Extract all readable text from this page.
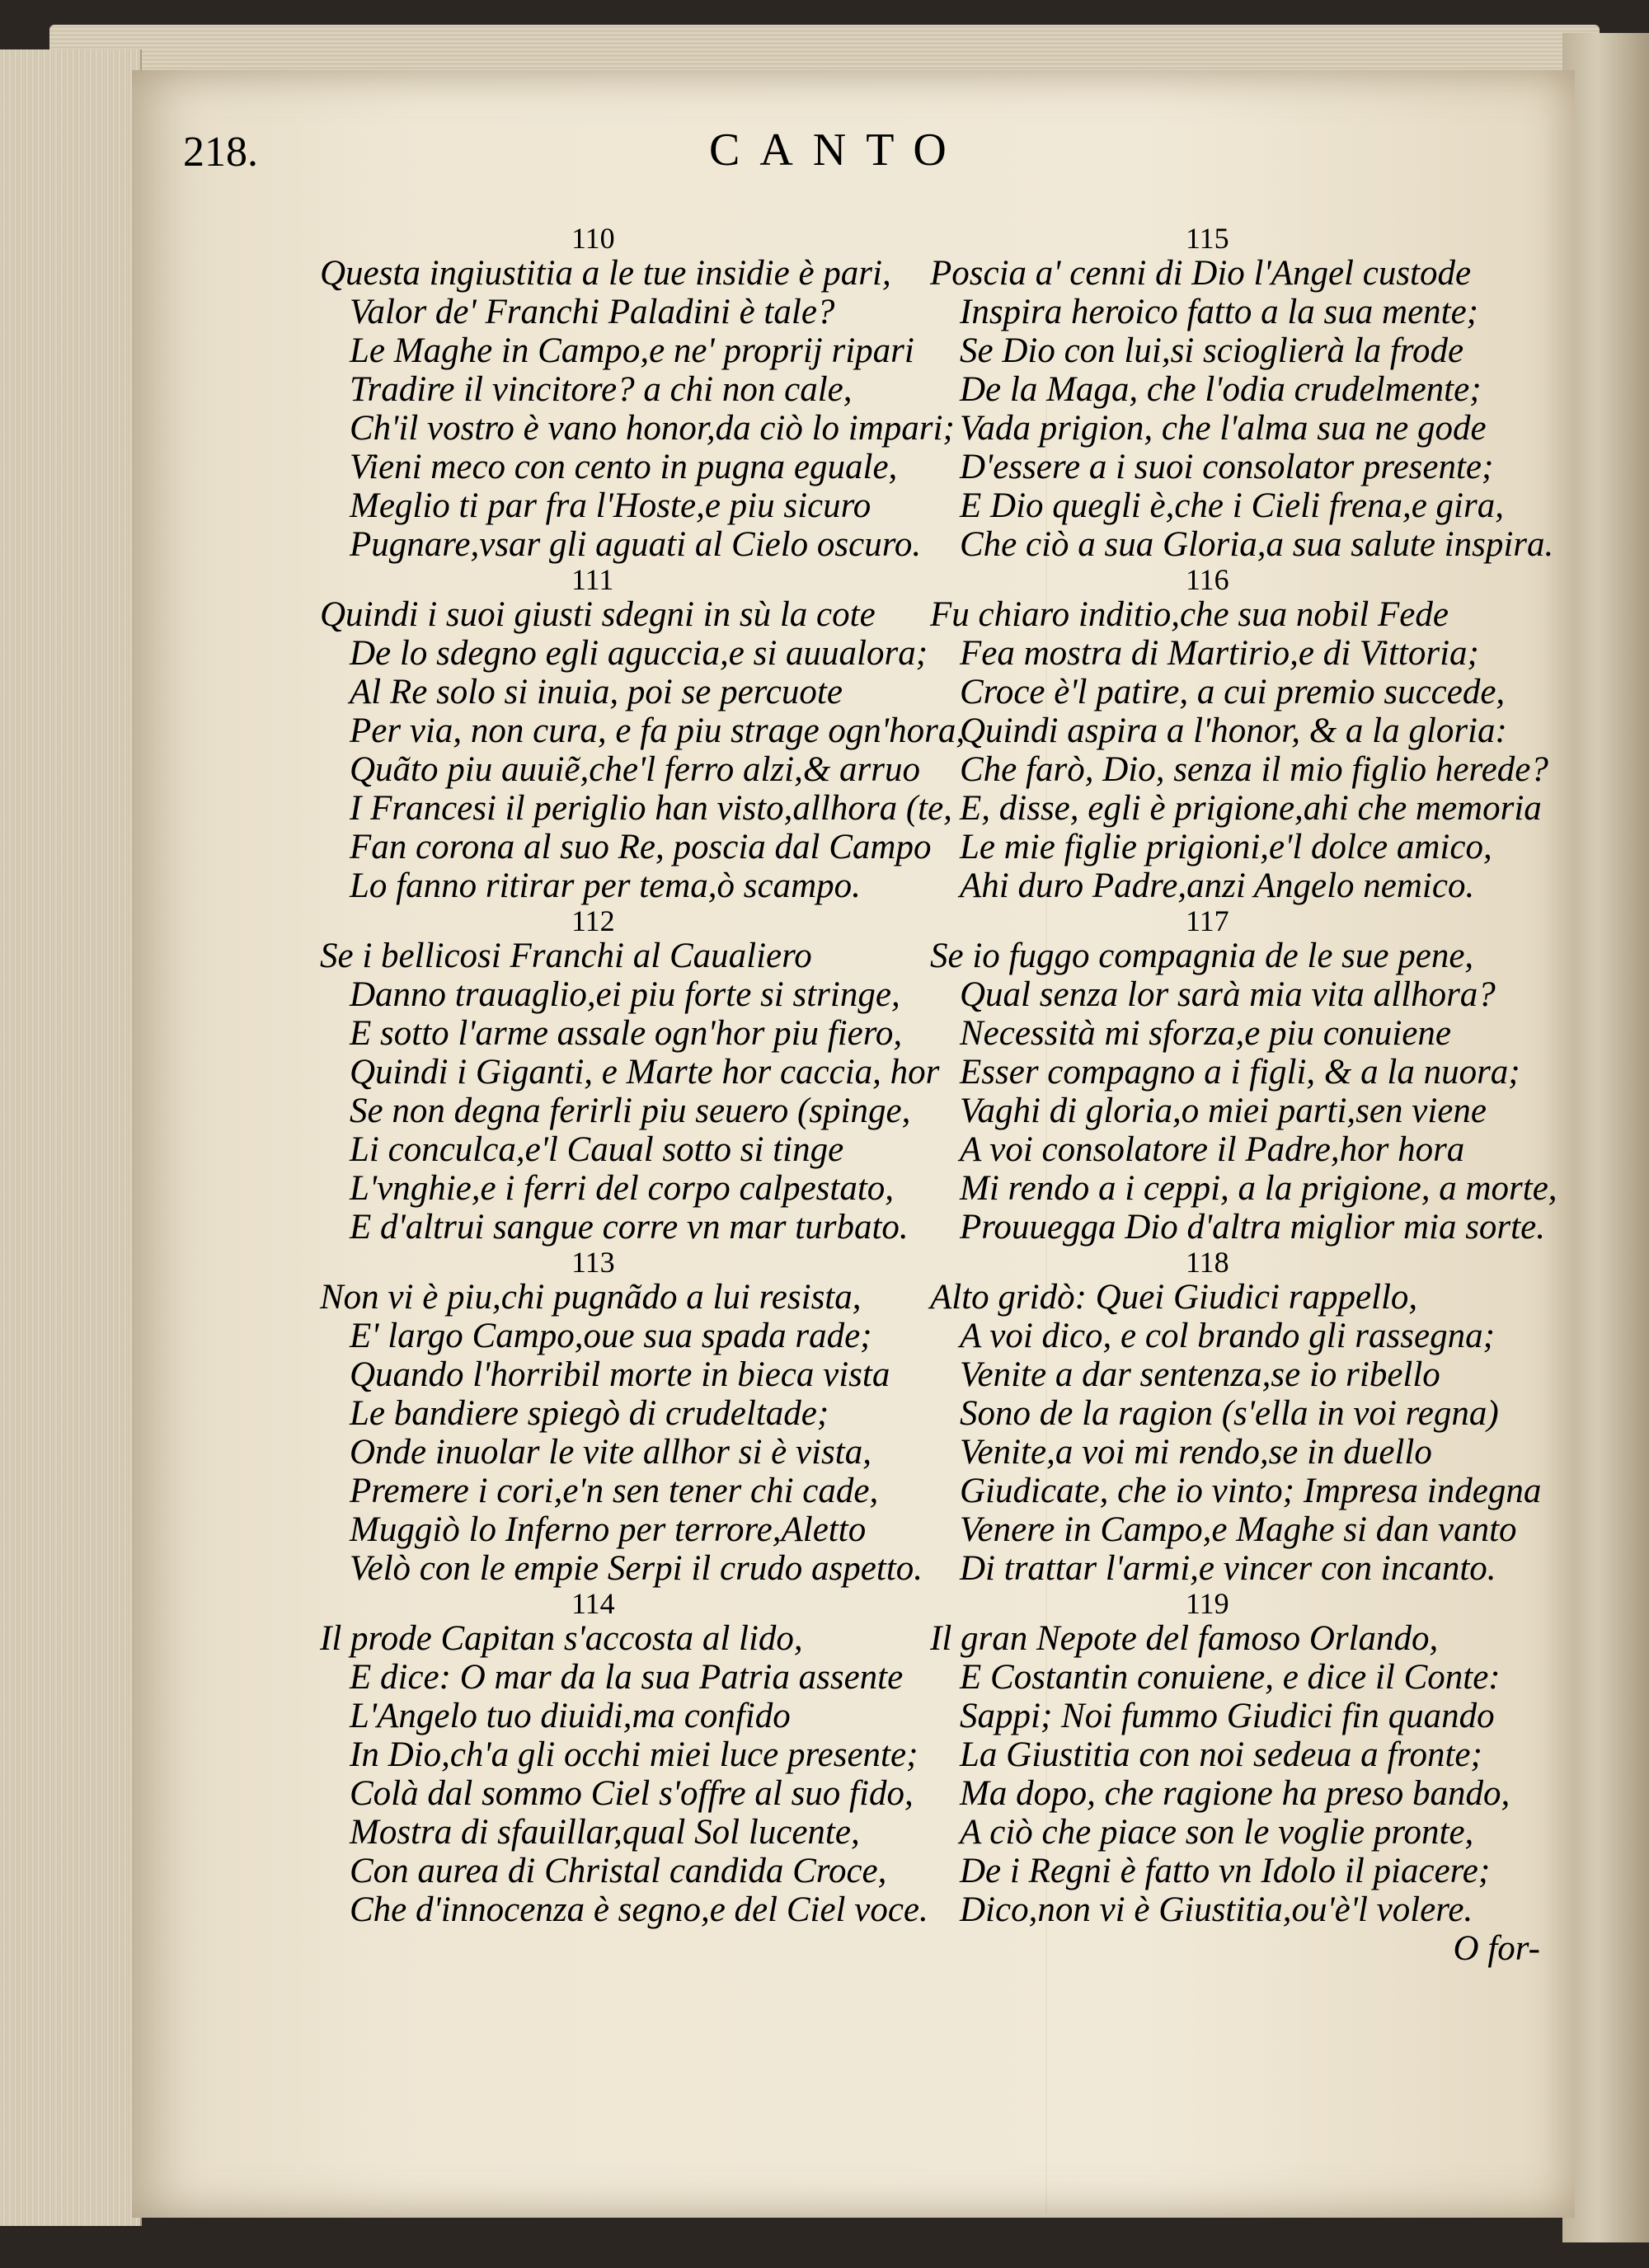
218.	CANTO
110
Questa ingiustitia a le tue insidie è pari,
Valor de' Franchi Paladini è tale?
Le Maghe in Campo,e ne' proprij ripari
Tradire il vincitore? a chi non cale,
Ch'il vostro è vano honor,da ciò lo impari;
Vieni meco con cento in pugna eguale,
Meglio ti par fra l'Hoste,e piu sicuro
Pugnare,vsar gli aguati al Cielo oscuro.
111
Quindi i suoi giusti sdegni in sù la cote
De lo sdegno egli aguccia,e si auualora;
Al Re solo si inuia, poi se percuote
Per via, non cura, e fa piu strage ogn'hora,
Quãto piu auuiẽ,che'l ferro alzi,& arruo
I Francesi il periglio han visto,allhora (te,
Fan corona al suo Re, poscia dal Campo
Lo fanno ritirar per tema,ò scampo.
112
Se i bellicosi Franchi al Caualiero
Danno trauaglio,ei piu forte si stringe,
E sotto l'arme assale ogn'hor piu fiero,
Quindi i Giganti, e Marte hor caccia, hor
Se non degna ferirli piu seuero (spinge,
Li conculca,e'l Caual sotto si tinge
L'vnghie,e i ferri del corpo calpestato,
E d'altrui sangue corre vn mar turbato.
113
Non vi è piu,chi pugnãdo a lui resista,
E' largo Campo,oue sua spada rade;
Quando l'horribil morte in bieca vista
Le bandiere spiegò di crudeltade;
Onde inuolar le vite allhor si è vista,
Premere i cori,e'n sen tener chi cade,
Muggiò lo Inferno per terrore,Aletto
Velò con le empie Serpi il crudo aspetto.
114
Il prode Capitan s'accosta al lido,
E dice: O mar da la sua Patria assente
L'Angelo tuo diuidi,ma confido
In Dio,ch'a gli occhi miei luce presente;
Colà dal sommo Ciel s'offre al suo fido,
Mostra di sfauillar,qual Sol lucente,
Con aurea di Christal candida Croce,
Che d'innocenza è segno,e del Ciel voce.
115
Poscia a' cenni di Dio l'Angel custode
Inspira heroico fatto a la sua mente;
Se Dio con lui,si scioglierà la frode
De la Maga, che l'odia crudelmente;
Vada prigion, che l'alma sua ne gode
D'essere a i suoi consolator presente;
E Dio quegli è,che i Cieli frena,e gira,
Che ciò a sua Gloria,a sua salute inspira.
116
Fu chiaro inditio,che sua nobil Fede
Fea mostra di Martirio,e di Vittoria;
Croce è'l patire, a cui premio succede,
Quindi aspira a l'honor, & a la gloria:
Che farò, Dio, senza il mio figlio herede?
E, disse, egli è prigione,ahi che memoria
Le mie figlie prigioni,e'l dolce amico,
Ahi duro Padre,anzi Angelo nemico.
117
Se io fuggo compagnia de le sue pene,
Qual senza lor sarà mia vita allhora?
Necessità mi sforza,e piu conuiene
Esser compagno a i figli, & a la nuora;
Vaghi di gloria,o miei parti,sen viene
A voi consolatore il Padre,hor hora
Mi rendo a i ceppi, a la prigione, a morte,
Prouuegga Dio d'altra miglior mia sorte.
118
Alto gridò: Quei Giudici rappello,
A voi dico, e col brando gli rassegna;
Venite a dar sentenza,se io ribello
Sono de la ragion (s'ella in voi regna)
Venite,a voi mi rendo,se in duello
Giudicate, che io vinto; Impresa indegna
Venere in Campo,e Maghe si dan vanto
Di trattar l'armi,e vincer con incanto.
119
Il gran Nepote del famoso Orlando,
E Costantin conuiene, e dice il Conte:
Sappi; Noi fummo Giudici fin quando
La Giustitia con noi sedeua a fronte;
Ma dopo, che ragione ha preso bando,
A ciò che piace son le voglie pronte,
De i Regni è fatto vn Idolo il piacere;
Dico,non vi è Giustitia,ou'è'l volere.
O for-
